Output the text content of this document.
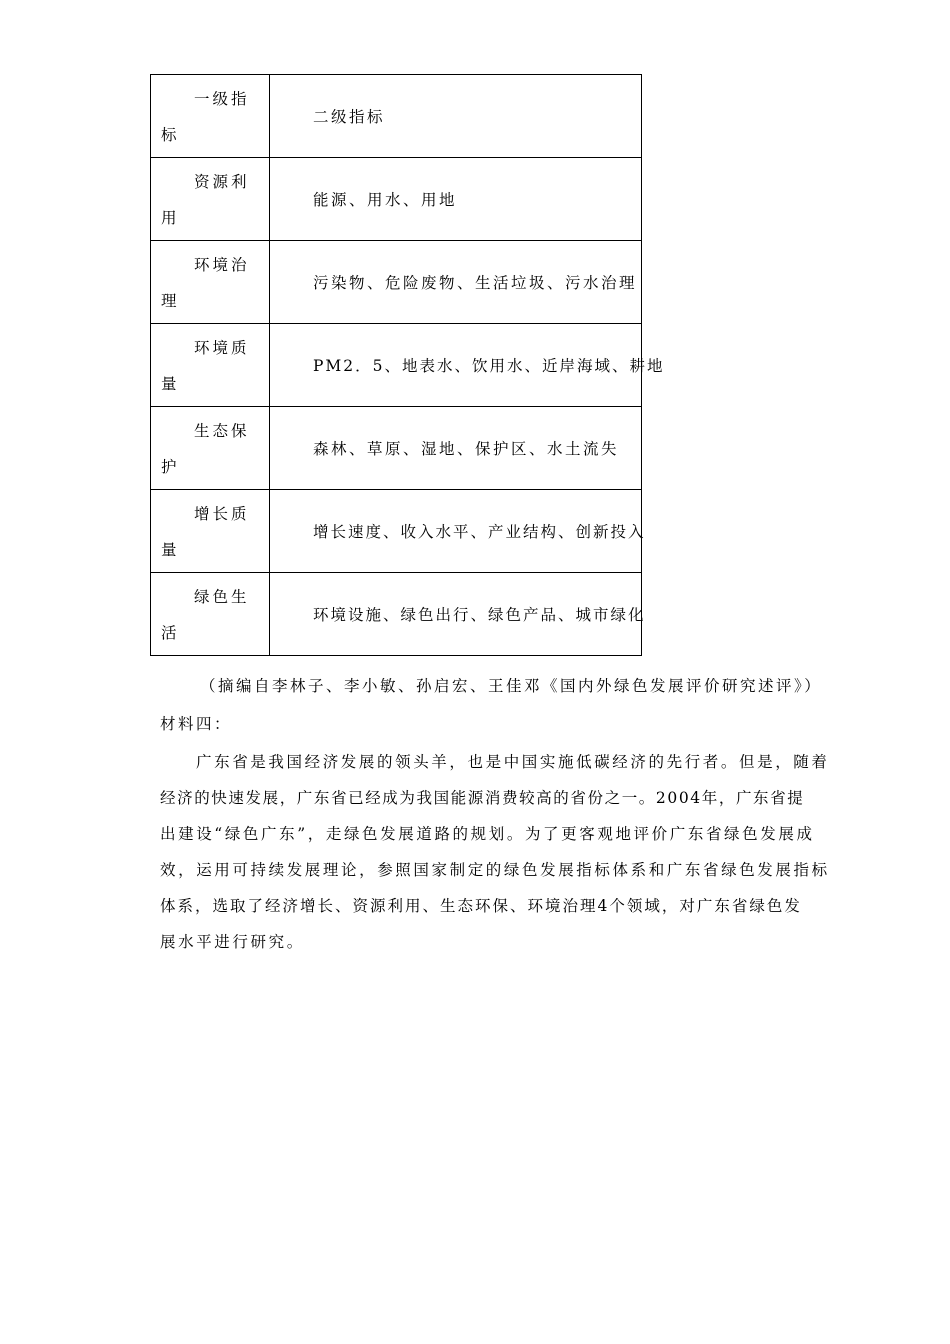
一级指
标	二级指标

资源利
用	能源、用水、用地

环境治
理	污染物、危险废物、生活垃圾、污水治理

环境质
量	PM2．5、地表水、饮用水、近岸海域、耕地

生态保
护	森林、草原、湿地、保护区、水土流失

增长质
量	增长速度、收入水平、产业结构、创新投入

绿色生
活	环境设施、绿色出行、绿色产品、城市绿化
（摘编自李林子、李小敏、孙启宏、王佳邓《国内外绿色发展评价研究述评》）
材料四：
广东省是我国经济发展的领头羊，也是中国实施低碳经济的先行者。但是，随着
经济的快速发展，广东省已经成为我国能源消费较高的省份之一。2004年，广东省提
出建设“绿色广东”，走绿色发展道路的规划。为了更客观地评价广东省绿色发展成
效，运用可持续发展理论，参照国家制定的绿色发展指标体系和广东省绿色发展指标
体系，选取了经济增长、资源利用、生态环保、环境治理4个领域，对广东省绿色发
展水平进行研究。
